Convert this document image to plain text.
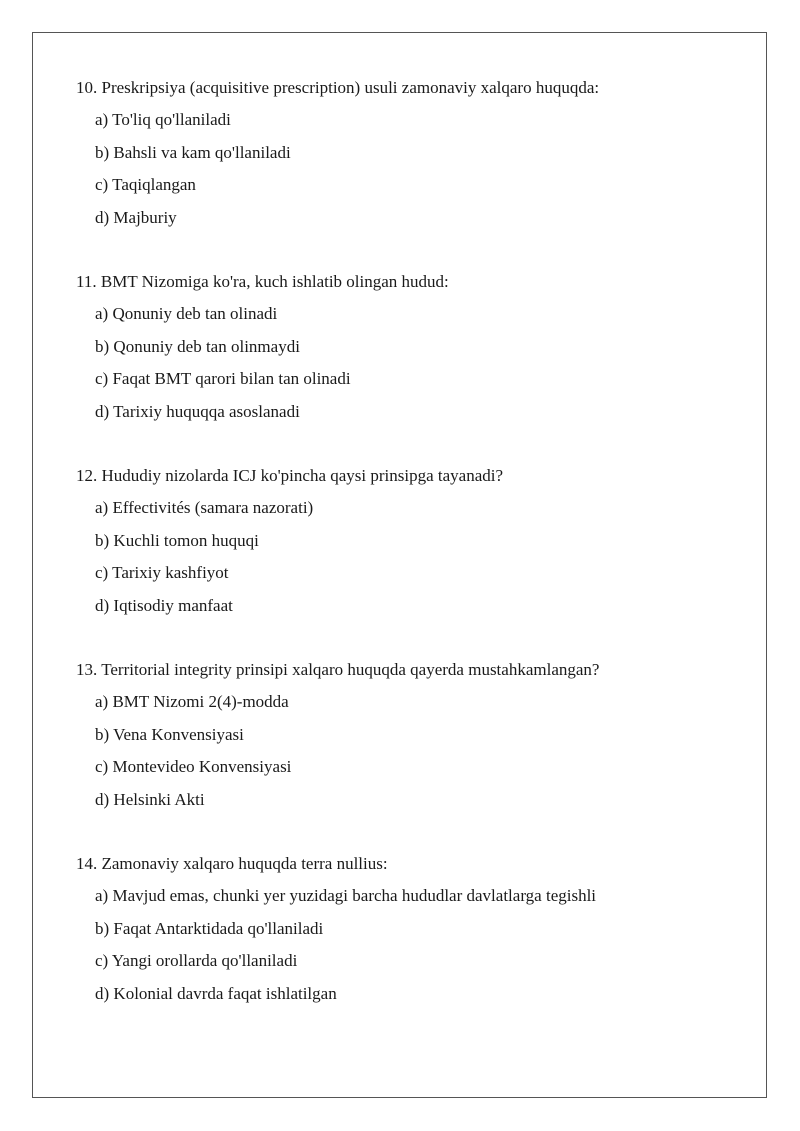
10. Preskripsiya (acquisitive prescription) usuli zamonaviy xalqaro huquqda:

a) To'liq qo'llaniladi
b) Bahsli va kam qo'llaniladi
c) Taqiqlangan
d) Majburiy

11. BMT Nizomiga ko'ra, kuch ishlatib olingan hudud:

a) Qonuniy deb tan olinadi
b) Qonuniy deb tan olinmaydi
c) Faqat BMT qarori bilan tan olinadi
d) Tarixiy huquqqa asoslanadi

12. Hududiy nizolarda ICJ ko'pincha qaysi prinsipga tayanadi?

a) Effectivités (samara nazorati)
b) Kuchli tomon huquqi
c) Tarixiy kashfiyot
d) Iqtisodiy manfaat

13. Territorial integrity prinsipi xalqaro huquqda qayerda mustahkamlangan?

a) BMT Nizomi 2(4)-modda
b) Vena Konvensiyasi
c) Montevideo Konvensiyasi
d) Helsinki Akti

14. Zamonaviy xalqaro huquqda terra nullius:

a) Mavjud emas, chunki yer yuzidagi barcha hududlar davlatlarga tegishli
b) Faqat Antarktidada qo'llaniladi
c) Yangi orollarda qo'llaniladi
d) Kolonial davrda faqat ishlatilgan
